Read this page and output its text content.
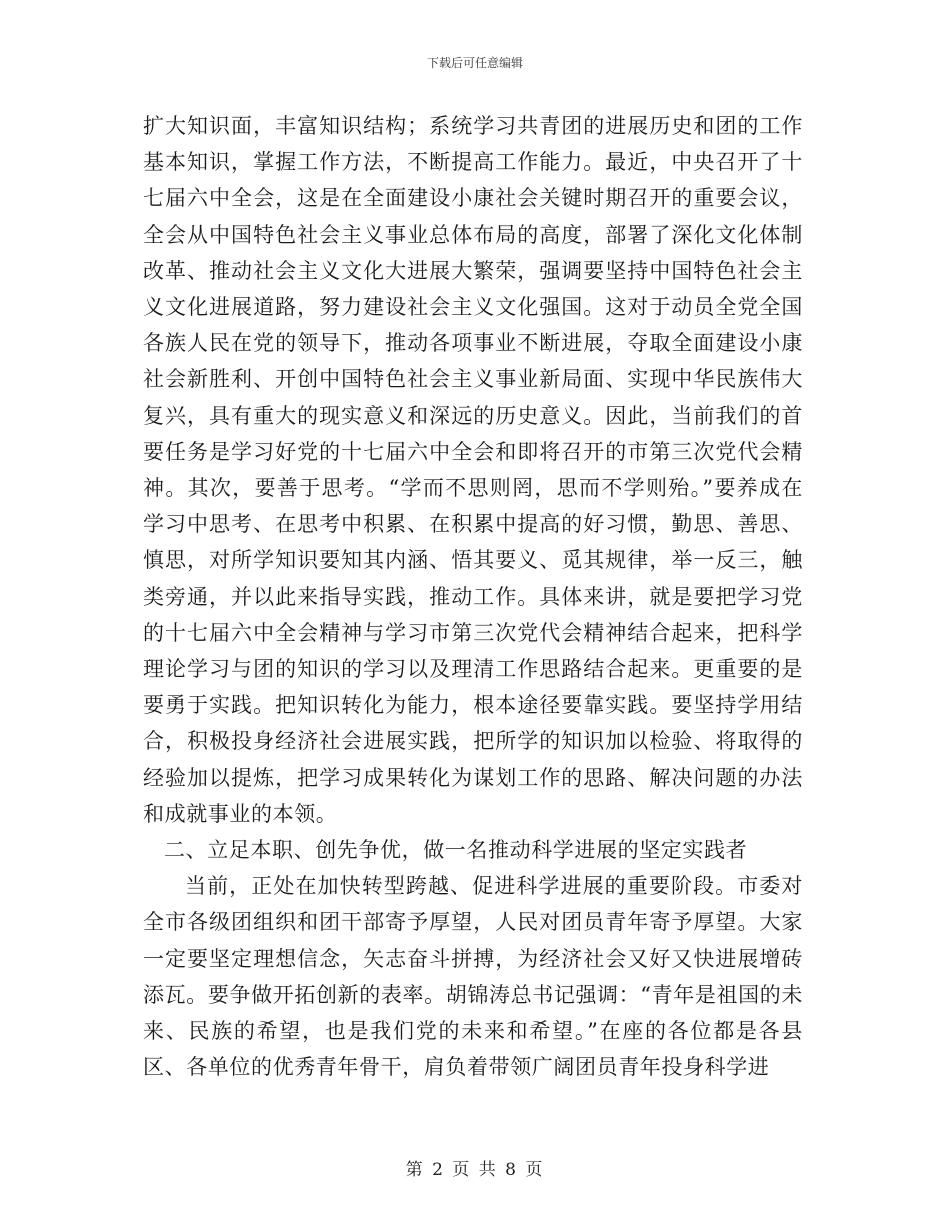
下载后可任意编辑

扩大知识面，丰富知识结构；系统学习共青团的进展历史和团的工作基本知识，掌握工作方法，不断提高工作能力。最近，中央召开了十七届六中全会，这是在全面建设小康社会关键时期召开的重要会议，全会从中国特色社会主义事业总体布局的高度，部署了深化文化体制改革、推动社会主义文化大进展大繁荣，强调要坚持中国特色社会主义文化进展道路，努力建设社会主义文化强国。这对于动员全党全国各族人民在党的领导下，推动各项事业不断进展，夺取全面建设小康社会新胜利、开创中国特色社会主义事业新局面、实现中华民族伟大复兴，具有重大的现实意义和深远的历史意义。因此，当前我们的首要任务是学习好党的十七届六中全会和即将召开的市第三次党代会精神。其次，要善于思考。“学而不思则罔，思而不学则殆。”要养成在学习中思考、在思考中积累、在积累中提高的好习惯，勤思、善思、慎思，对所学知识要知其内涵、悟其要义、觅其规律，举一反三，触类旁通，并以此来指导实践，推动工作。具体来讲，就是要把学习党的十七届六中全会精神与学习市第三次党代会精神结合起来，把科学理论学习与团的知识的学习以及理清工作思路结合起来。更重要的是要勇于实践。把知识转化为能力，根本途径要靠实践。要坚持学用结合，积极投身经济社会进展实践，把所学的知识加以检验、将取得的经验加以提炼，把学习成果转化为谋划工作的思路、解决问题的办法和成就事业的本领。

二、立足本职、创先争优，做一名推动科学进展的坚定实践者

当前，正处在加快转型跨越、促进科学进展的重要阶段。市委对全市各级团组织和团干部寄予厚望，人民对团员青年寄予厚望。大家一定要坚定理想信念，矢志奋斗拼搏，为经济社会又好又快进展增砖添瓦。要争做开拓创新的表率。胡锦涛总书记强调：“青年是祖国的未来、民族的希望，也是我们党的未来和希望。”在座的各位都是各县区、各单位的优秀青年骨干，肩负着带领广阔团员青年投身科学进

第 2 页 共 8 页
